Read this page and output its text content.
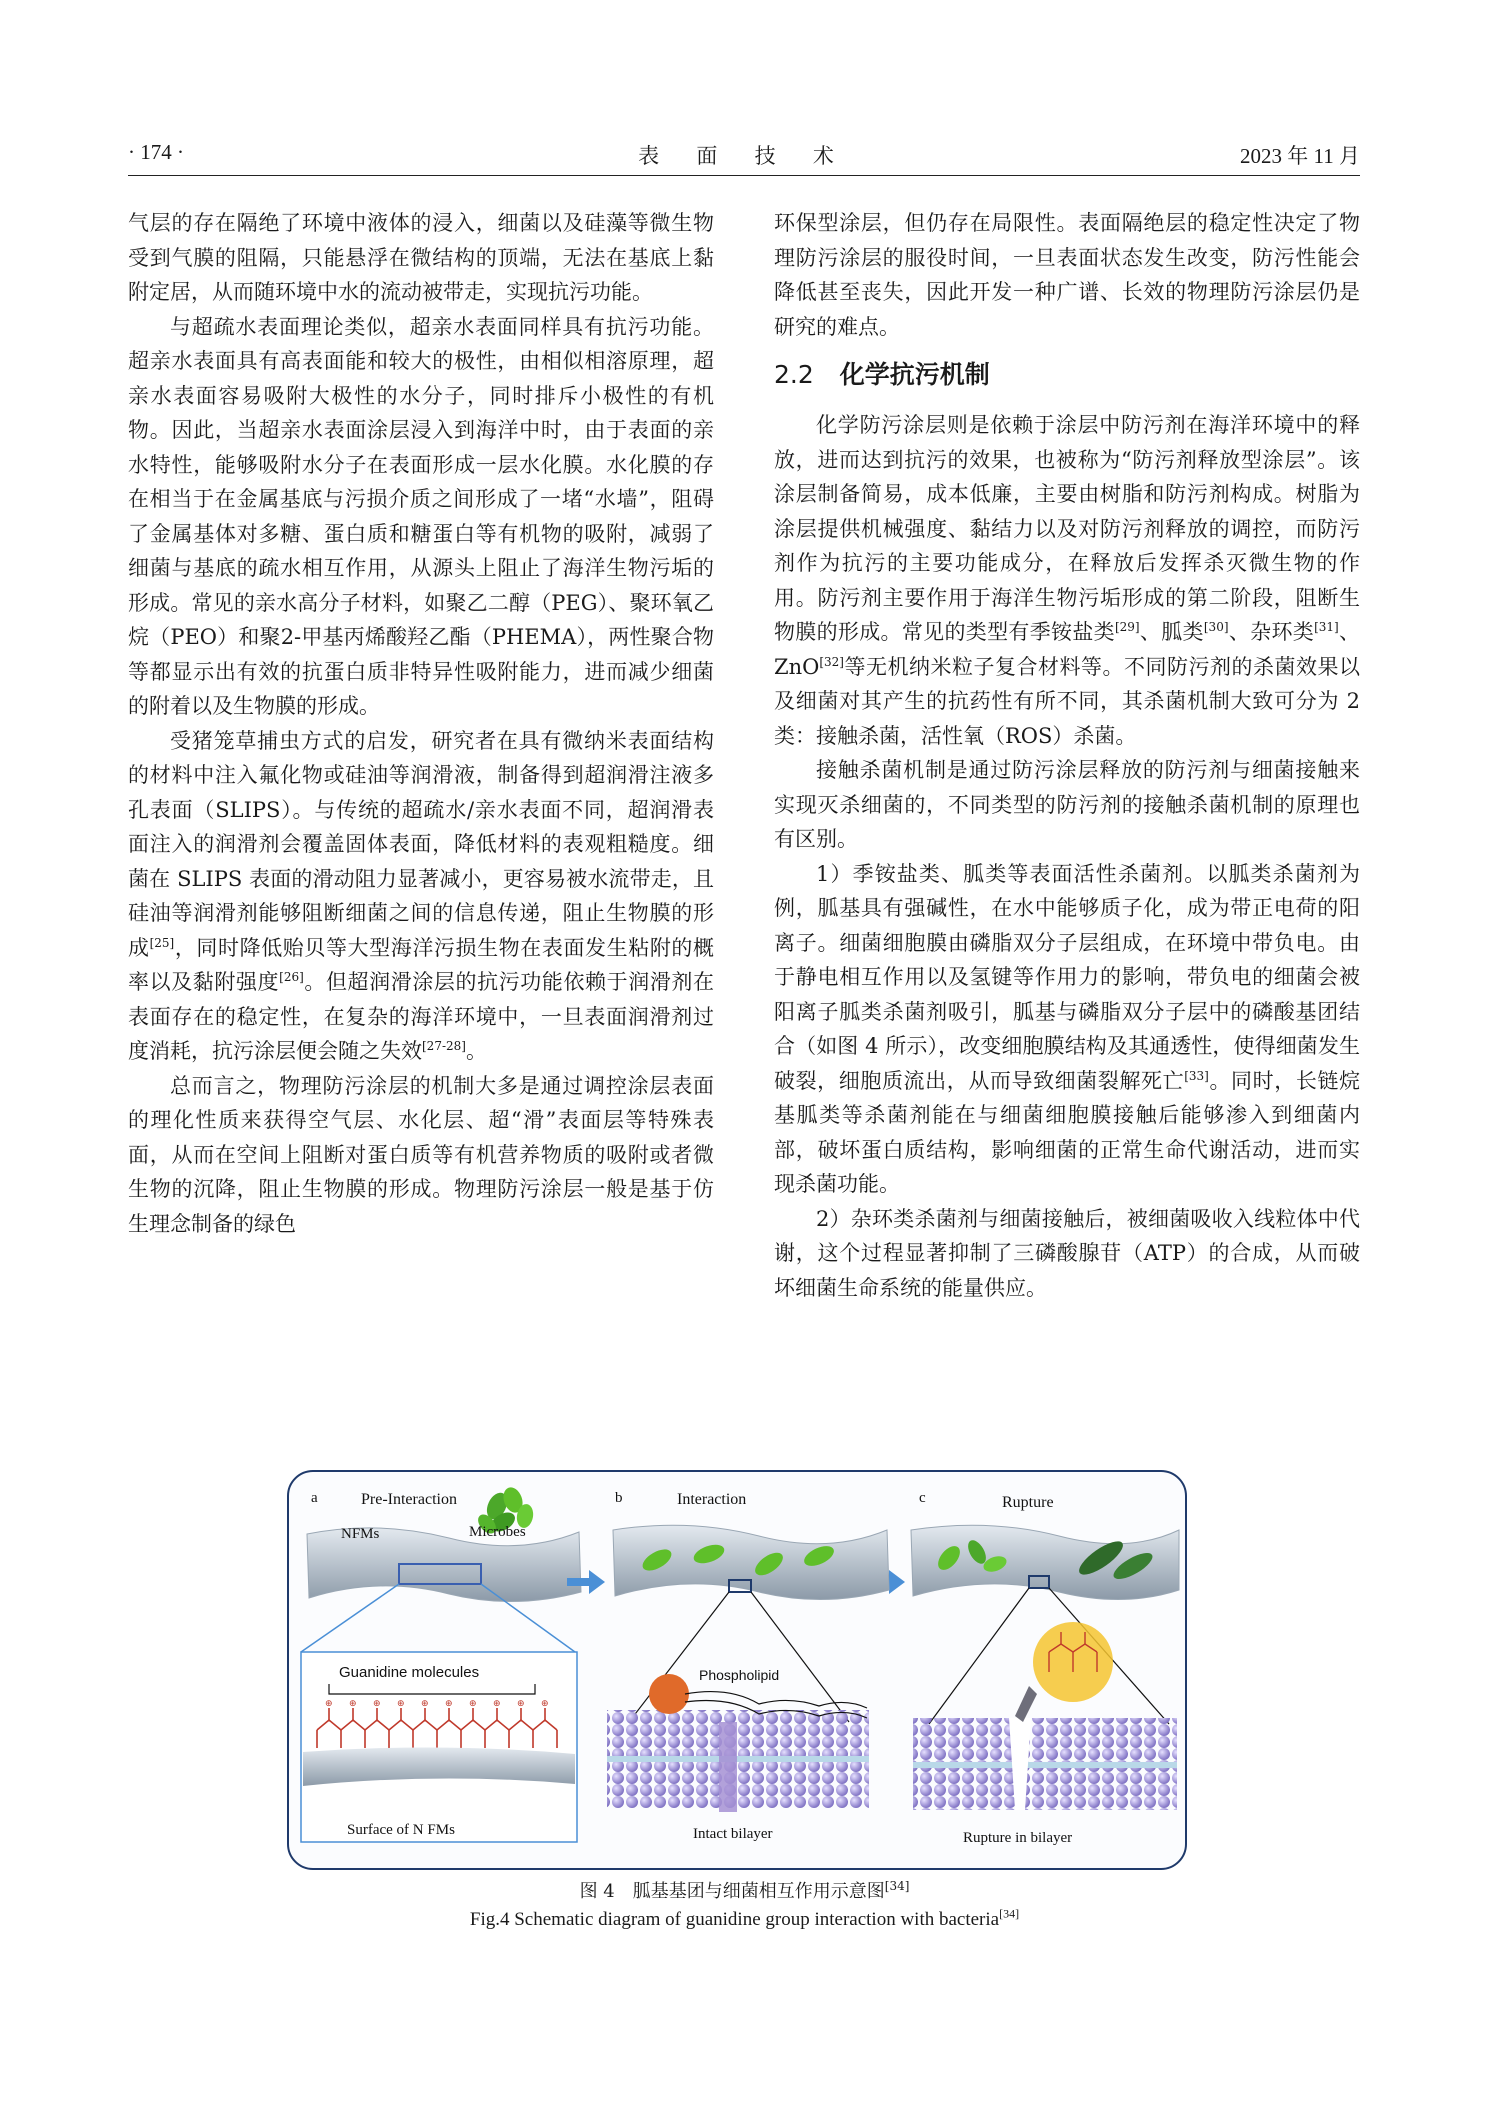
· 174 ·	表 面 技 术	2023 年 11 月

气层的存在隔绝了环境中液体的浸入，细菌以及硅藻等微生物受到气膜的阻隔，只能悬浮在微结构的顶端，无法在基底上黏附定居，从而随环境中水的流动被带走，实现抗污功能。

与超疏水表面理论类似，超亲水表面同样具有抗污功能。超亲水表面具有高表面能和较大的极性，由相似相溶原理，超亲水表面容易吸附大极性的水分子，同时排斥小极性的有机物。因此，当超亲水表面涂层浸入到海洋中时，由于表面的亲水特性，能够吸附水分子在表面形成一层水化膜。水化膜的存在相当于在金属基底与污损介质之间形成了一堵“水墙”，阻碍了金属基体对多糖、蛋白质和糖蛋白等有机物的吸附，减弱了细菌与基底的疏水相互作用，从源头上阻止了海洋生物污垢的形成。常见的亲水高分子材料，如聚乙二醇（PEG）、聚环氧乙烷（PEO）和聚2-甲基丙烯酸羟乙酯（PHEMA），两性聚合物等都显示出有效的抗蛋白质非特异性吸附能力，进而减少细菌的附着以及生物膜的形成。

受猪笼草捕虫方式的启发，研究者在具有微纳米表面结构的材料中注入氟化物或硅油等润滑液，制备得到超润滑注液多孔表面（SLIPS）。与传统的超疏水/亲水表面不同，超润滑表面注入的润滑剂会覆盖固体表面，降低材料的表观粗糙度。细菌在 SLIPS 表面的滑动阻力显著减小，更容易被水流带走，且硅油等润滑剂能够阻断细菌之间的信息传递，阻止生物膜的形成[25]，同时降低贻贝等大型海洋污损生物在表面发生粘附的概率以及黏附强度[26]。但超润滑涂层的抗污功能依赖于润滑剂在表面存在的稳定性，在复杂的海洋环境中，一旦表面润滑剂过度消耗，抗污涂层便会随之失效[27-28]。

总而言之，物理防污涂层的机制大多是通过调控涂层表面的理化性质来获得空气层、水化层、超“滑”表面层等特殊表面，从而在空间上阻断对蛋白质等有机营养物质的吸附或者微生物的沉降，阻止生物膜的形成。物理防污涂层一般是基于仿生理念制备的绿色

环保型涂层，但仍存在局限性。表面隔绝层的稳定性决定了物理防污涂层的服役时间，一旦表面状态发生改变，防污性能会降低甚至丧失，因此开发一种广谱、长效的物理防污涂层仍是研究的难点。

2.2 化学抗污机制

化学防污涂层则是依赖于涂层中防污剂在海洋环境中的释放，进而达到抗污的效果，也被称为“防污剂释放型涂层”。该涂层制备简易，成本低廉，主要由树脂和防污剂构成。树脂为涂层提供机械强度、黏结力以及对防污剂释放的调控，而防污剂作为抗污的主要功能成分，在释放后发挥杀灭微生物的作用。防污剂主要作用于海洋生物污垢形成的第二阶段，阻断生物膜的形成。常见的类型有季铵盐类[29]、胍类[30]、杂环类[31]、ZnO[32]等无机纳米粒子复合材料等。不同防污剂的杀菌效果以及细菌对其产生的抗药性有所不同，其杀菌机制大致可分为 2 类：接触杀菌，活性氧（ROS）杀菌。

接触杀菌机制是通过防污涂层释放的防污剂与细菌接触来实现灭杀细菌的，不同类型的防污剂的接触杀菌机制的原理也有区别。

1）季铵盐类、胍类等表面活性杀菌剂。以胍类杀菌剂为例，胍基具有强碱性，在水中能够质子化，成为带正电荷的阳离子。细菌细胞膜由磷脂双分子层组成，在环境中带负电。由于静电相互作用以及氢键等作用力的影响，带负电的细菌会被阳离子胍类杀菌剂吸引，胍基与磷脂双分子层中的磷酸基团结合（如图 4 所示），改变细胞膜结构及其通透性，使得细菌发生破裂，细胞质流出，从而导致细菌裂解死亡[33]。同时，长链烷基胍类等杀菌剂能在与细菌细胞膜接触后能够渗入到细菌内部，破坏蛋白质结构，影响细菌的正常生命代谢活动，进而实现杀菌功能。

2）杂环类杀菌剂与细菌接触后，被细菌吸收入线粒体中代谢，这个过程显著抑制了三磷酸腺苷（ATP）的合成，从而破坏细菌生命系统的能量供应。

a	Pre-Interaction	b	Interaction	c	Rupture
NFMs	Microbes
Guanidine molecules
⊕ ⊕ ⊕ ⊕ ⊕ ⊕ ⊕ ⊕ ⊕ ⊕
Surface of N FMs
Phospholipid
Intact bilayer	Rupture in bilayer
图 4 胍基基团与细菌相互作用示意图[34]
Fig.4 Schematic diagram of guanidine group interaction with bacteria[34]
